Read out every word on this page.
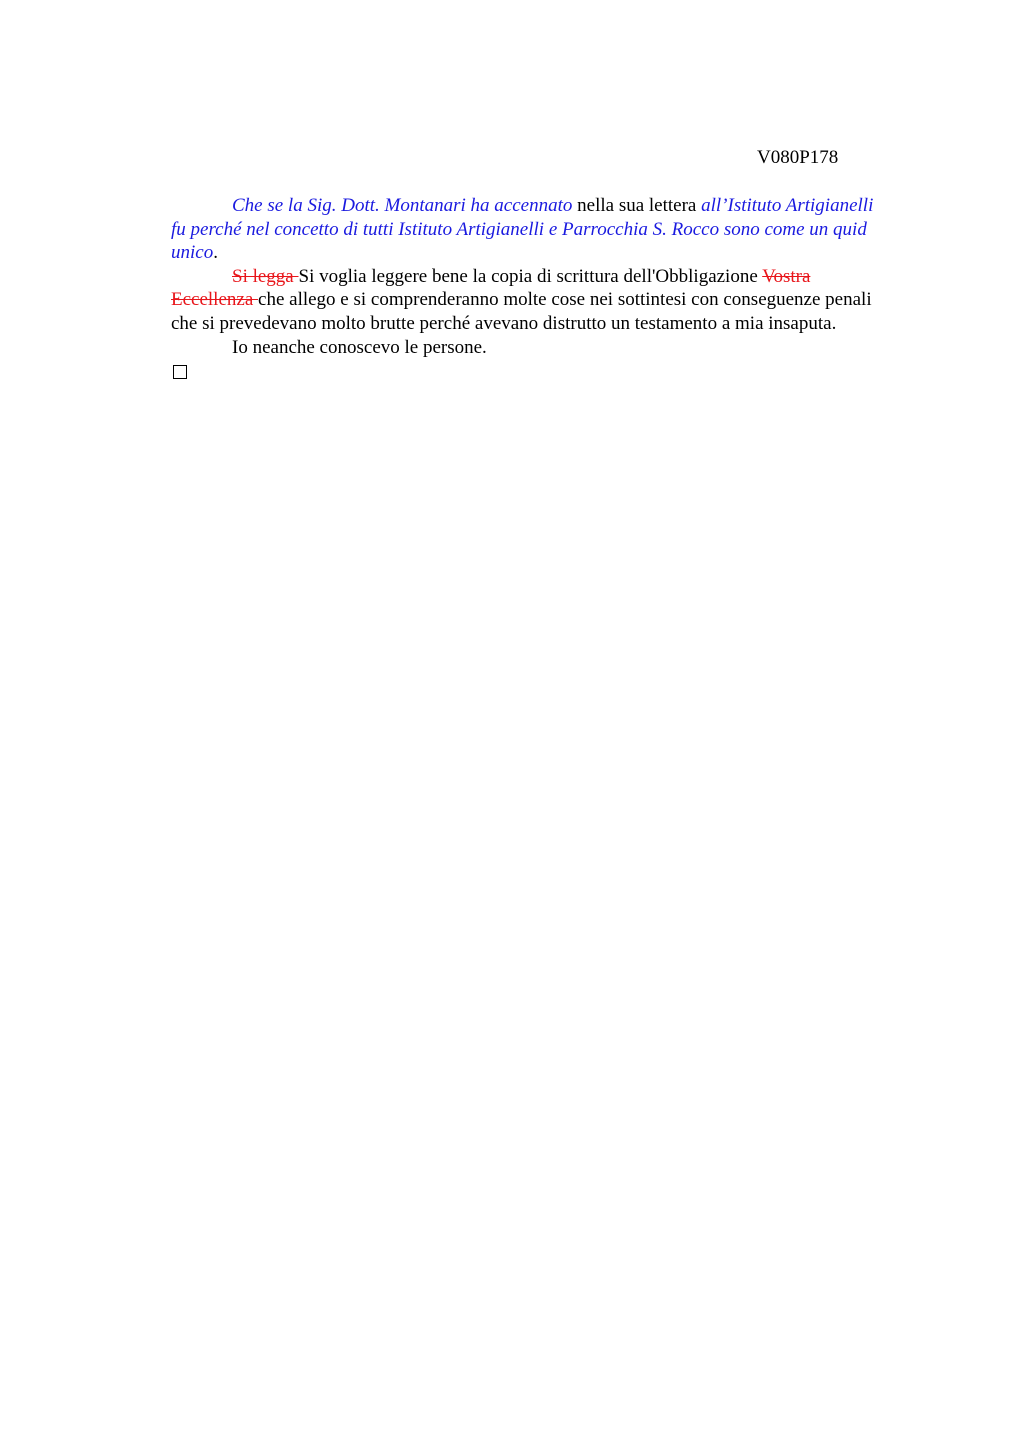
V080P178

Che se la Sig. Dott. Montanari ha accennato nella sua lettera all’Istituto Artigianelli fu perché nel concetto di tutti Istituto Artigianelli e Parrocchia S. Rocco sono come un quid unico.

Si legga Si voglia leggere bene la copia di scrittura dell'Obbligazione Vostra Eccellenza che allego e si comprenderanno molte cose nei sottintesi con conseguenze penali che si prevedevano molto brutte perché avevano distrutto un testamento a mia insaputa.

Io neanche conoscevo le persone.
